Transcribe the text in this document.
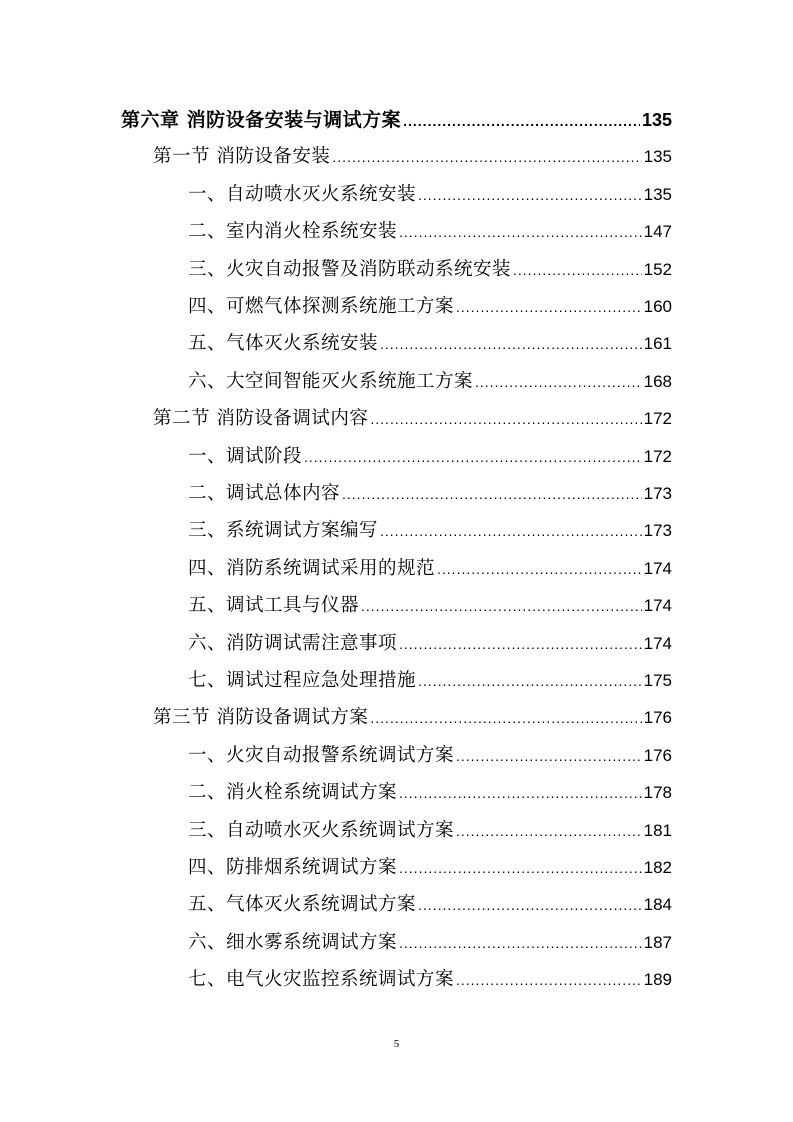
第六章 消防设备安装与调试方案 .....	135
第一节 消防设备安装 .....	135
一、自动喷水灭火系统安装 .....	135
二、室内消火栓系统安装 .....	147
三、火灾自动报警及消防联动系统安装 .....	152
四、可燃气体探测系统施工方案 .....	160
五、气体灭火系统安装 .....	161
六、大空间智能灭火系统施工方案 .....	168
第二节 消防设备调试内容 .....	172
一、调试阶段 .....	172
二、调试总体内容 .....	173
三、系统调试方案编写 .....	173
四、消防系统调试采用的规范 .....	174
五、调试工具与仪器 .....	174
六、消防调试需注意事项 .....	174
七、调试过程应急处理措施 .....	175
第三节 消防设备调试方案 .....	176
一、火灾自动报警系统调试方案 .....	176
二、消火栓系统调试方案 .....	178
三、自动喷水灭火系统调试方案 .....	181
四、防排烟系统调试方案 .....	182
五、气体灭火系统调试方案 .....	184
六、细水雾系统调试方案 .....	187
七、电气火灾监控系统调试方案 .....	189
5
